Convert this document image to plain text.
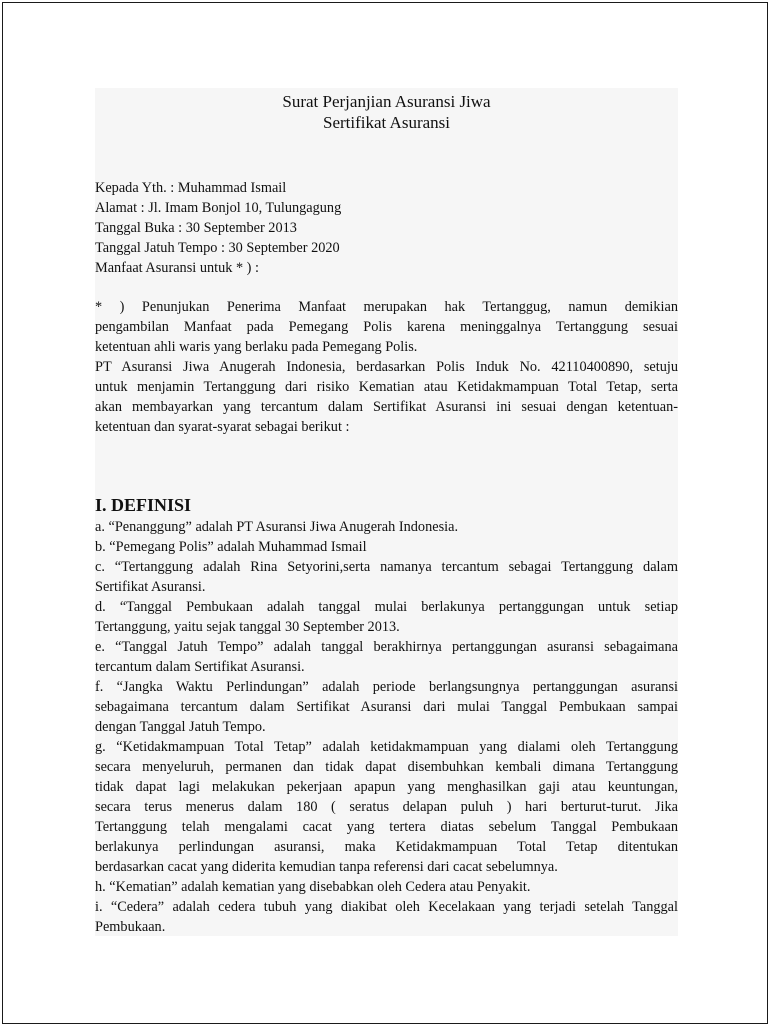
Surat Perjanjian Asuransi Jiwa
Sertifikat Asuransi
Kepada Yth. : Muhammad Ismail
Alamat : Jl. Imam Bonjol 10, Tulungagung
Tanggal Buka : 30 September 2013
Tanggal Jatuh Tempo : 30 September 2020
Manfaat Asuransi untuk * ) :
* ) Penunjukan Penerima Manfaat merupakan hak Tertanggug, namun demikian
pengambilan Manfaat pada Pemegang Polis karena meninggalnya Tertanggung sesuai
ketentuan ahli waris yang berlaku pada Pemegang Polis.
PT Asuransi Jiwa Anugerah Indonesia, berdasarkan Polis Induk No. 42110400890, setuju
untuk menjamin Tertanggung dari risiko Kematian atau Ketidakmampuan Total Tetap, serta
akan membayarkan yang tercantum dalam Sertifikat Asuransi ini sesuai dengan ketentuan-
ketentuan dan syarat-syarat sebagai berikut :
I. DEFINISI
a. “Penanggung” adalah PT Asuransi Jiwa Anugerah Indonesia.
b. “Pemegang Polis” adalah Muhammad Ismail
c. “Tertanggung adalah Rina Setyorini,serta namanya tercantum sebagai Tertanggung dalam
Sertifikat Asuransi.
d. “Tanggal Pembukaan adalah tanggal mulai berlakunya pertanggungan untuk setiap
Tertanggung, yaitu sejak tanggal 30 September 2013.
e. “Tanggal Jatuh Tempo” adalah tanggal berakhirnya pertanggungan asuransi sebagaimana
tercantum dalam Sertifikat Asuransi.
f. “Jangka Waktu Perlindungan” adalah periode berlangsungnya pertanggungan asuransi
sebagaimana tercantum dalam Sertifikat Asuransi dari mulai Tanggal Pembukaan sampai
dengan Tanggal Jatuh Tempo.
g. “Ketidakmampuan Total Tetap” adalah ketidakmampuan yang dialami oleh Tertanggung
secara menyeluruh, permanen dan tidak dapat disembuhkan kembali dimana Tertanggung
tidak dapat lagi melakukan pekerjaan apapun yang menghasilkan gaji atau keuntungan,
secara terus menerus dalam 180 ( seratus delapan puluh ) hari berturut-turut. Jika
Tertanggung telah mengalami cacat yang tertera diatas sebelum Tanggal Pembukaan
berlakunya perlindungan asuransi, maka Ketidakmampuan Total Tetap ditentukan
berdasarkan cacat yang diderita kemudian tanpa referensi dari cacat sebelumnya.
h. “Kematian” adalah kematian yang disebabkan oleh Cedera atau Penyakit.
i. “Cedera” adalah cedera tubuh yang diakibat oleh Kecelakaan yang terjadi setelah Tanggal
Pembukaan.
